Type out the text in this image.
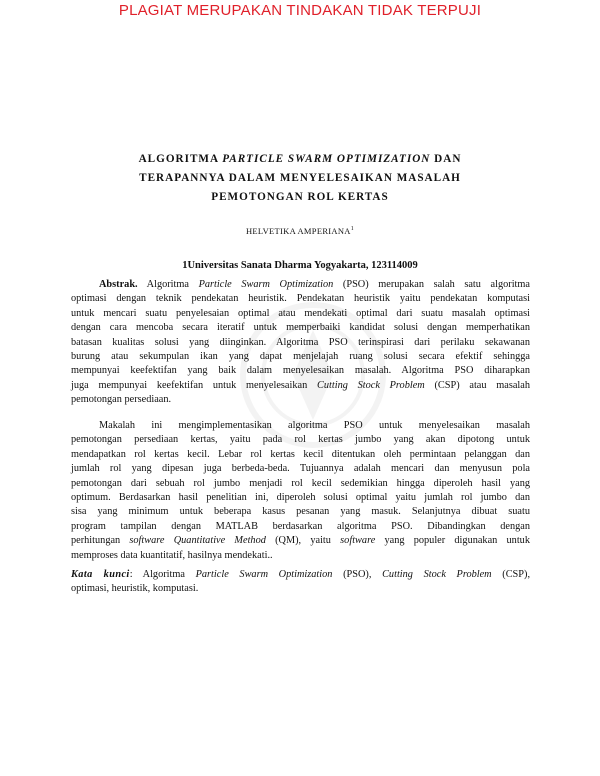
PLAGIAT MERUPAKAN TINDAKAN TIDAK TERPUJI
ALGORITMA PARTICLE SWARM OPTIMIZATION DAN
TERAPANNYA DALAM MENYELESAIKAN MASALAH
PEMOTONGAN ROL KERTAS
HELVETIKA AMPERIANA$^1$
1Universitas Sanata Dharma Yogyakarta, 123114009
Abstrak. Algoritma Particle Swarm Optimization (PSO) merupakan salah satu algoritma
optimasi dengan teknik pendekatan heuristik. Pendekatan heuristik yaitu pendekatan komputasi
untuk mencari suatu penyelesaian optimal atau mendekati optimal dari suatu masalah optimasi
dengan cara mencoba secara iteratif untuk memperbaiki kandidat solusi dengan memperhatikan
batasan kualitas solusi yang diinginkan. Algoritma PSO terinspirasi dari perilaku sekawanan
burung atau sekumpulan ikan yang dapat menjelajah ruang solusi secara efektif sehingga
mempunyai keefektifan yang baik dalam menyelesaikan masalah. Algoritma PSO diharapkan
juga mempunyai keefektifan untuk menyelesaikan Cutting Stock Problem (CSP) atau masalah
pemotongan persediaan.
Makalah ini mengimplementasikan algoritma PSO untuk menyelesaikan masalah
pemotongan persediaan kertas, yaitu pada rol kertas jumbo yang akan dipotong untuk
mendapatkan rol kertas kecil. Lebar rol kertas kecil ditentukan oleh permintaan pelanggan dan
jumlah rol yang dipesan juga berbeda-beda. Tujuannya adalah mencari dan menyusun pola
pemotongan dari sebuah rol jumbo menjadi rol kecil sedemikian hingga diperoleh hasil yang
optimum. Berdasarkan hasil penelitian ini, diperoleh solusi optimal yaitu jumlah rol jumbo dan
sisa yang minimum untuk beberapa kasus pesanan yang masuk. Selanjutnya dibuat suatu
program tampilan dengan MATLAB berdasarkan algoritma PSO. Dibandingkan dengan
perhitungan software Quantitative Method (QM), yaitu software yang populer digunakan untuk
memproses data kuantitatif, hasilnya mendekati..
Kata kunci: Algoritma Particle Swarm Optimization (PSO), Cutting Stock Problem (CSP),
optimasi, heuristik, komputasi.
